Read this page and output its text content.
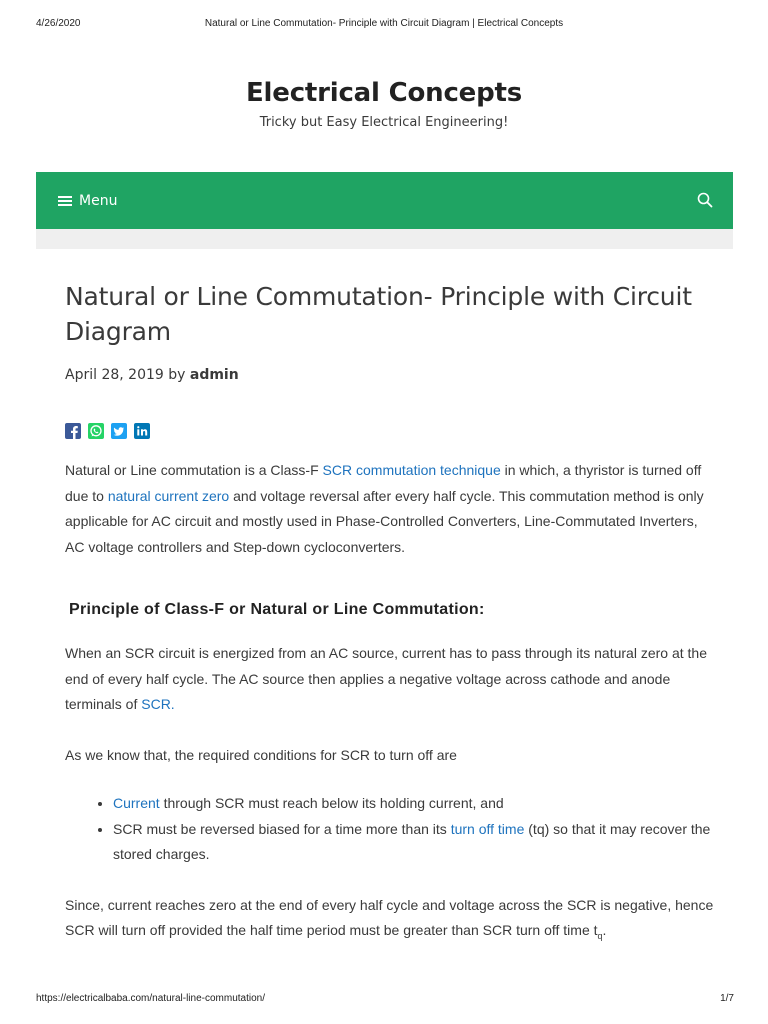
4/26/2020	Natural or Line Commutation- Principle with Circuit Diagram | Electrical Concepts
Electrical Concepts
Tricky but Easy Electrical Engineering!
Menu
Natural or Line Commutation- Principle with Circuit Diagram
April 28, 2019 by admin

Natural or Line commutation is a Class-F SCR commutation technique in which, a thyristor is turned off due to natural current zero and voltage reversal after every half cycle. This commutation method is only applicable for AC circuit and mostly used in Phase-Controlled Converters, Line-Commutated Inverters, AC voltage controllers and Step-down cycloconverters.

Principle of Class-F or Natural or Line Commutation:

When an SCR circuit is energized from an AC source, current has to pass through its natural zero at the end of every half cycle. The AC source then applies a negative voltage across cathode and anode terminals of SCR.

As we know that, the required conditions for SCR to turn off are

• Current through SCR must reach below its holding current, and
• SCR must be reversed biased for a time more than its turn off time (tq) so that it may recover the stored charges.

Since, current reaches zero at the end of every half cycle and voltage across the SCR is negative, hence SCR will turn off provided the half time period must be greater than SCR turn off time $t_q$.

https://electricalbaba.com/natural-line-commutation/	1/7
